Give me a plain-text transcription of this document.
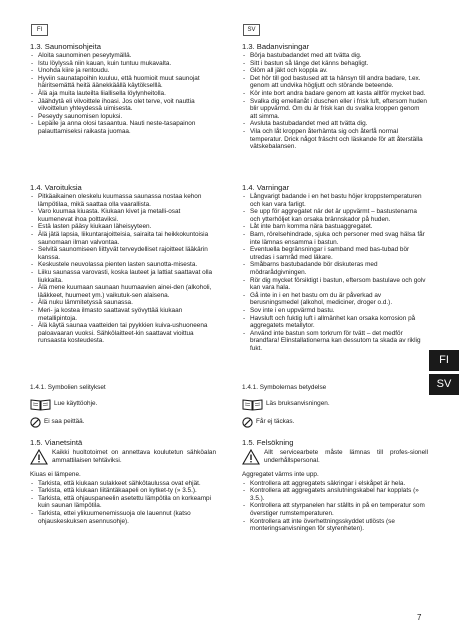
FI	SV
1.3. Saunomisohjeita
- Aloita saunominen peseytymällä.
- Istu löylyssä niin kauan, kuin tuntuu mukavalta.
- Unohda kiire ja rentoudu.
- Hyviin saunatapoihin kuuluu, että huomioit muut saunojat häiritsemättä heitä äänekkäällä käytökselllä.
- Älä aja muita lauteilta liiallisella löylynheitolla.
- Jäähdytä eli vilvoittele ihoasi. Jos olet terve, voit nauttia vilvoittelun yhteydessä uimisesta.
- Peseydy saunomisen lopuksi.
- Lepäile ja anna olosi tasaantua. Nauti neste-tasapainon palauttamiseksi raikasta juomaa.
1.4. Varoituksia
- Pitkäaikainen oleskelu kuumassa saunassa nostaa kehon lämpötilaa, mikä saattaa olla vaarallista.
- Varo kuumaa kiuasta. Kiukaan kivet ja metalli-osat kuumenevat ihoa polttaviksi.
- Estä lasten pääsy kiukaan läheisyyteen.
- Älä jätä lapsia, liikuntarajoitteisia, sairaita tai heikkokuntoisia saunomaan ilman valvontaa.
- Selvitä saunomiseen liittyvät terveydelliset rajoitteet lääkärin kanssa.
- Keskustele neuvolassa pienten lasten saunotta-misesta.
- Liiku saunassa varovasti, koska lauteet ja lattiat saattavat olla liukkaita.
- Älä mene kuumaan saunaan huumaavien ainei-den (alkoholi, lääkkeet, huumeet ym.) vaikutuk-sen alaisena.
- Älä nuku lämmitetyssä saunassa.
- Meri- ja kostea ilmasto saattavat syövyttää kiukaan metallipintoja.
- Älä käytä saunaa vaatteiden tai pyykkien kuiva-ushuoneena paloavaaran vuoksi. Sähkölaitteet-kin saattavat vioittua runsaasta kosteudesta.

1.4.1. Symbolien selitykset

Lue käyttöohje.
Ei saa peittää.
1.5. Vianetsintä

Kaikki huoltotoimet on annettava koulutetun sähköalan ammattilaisen tehtäviksi.

Kiuas ei lämpene.

- Tarkista, että kiukaan sulakkeet sähkötaulussa ovat ehjät.
- Tarkista, että kiukaan liitäntäkaapeli on kytket-ty (» 3.5.).
- Tarkista, että ohjauspaneelin asetettu lämpötila on korkeampi kuin saunan lämpötila.
- Tarkista, ettei ylikuumenemissuoja ole lauennut (katso ohjauskeskuksen asennusohje).
1.3. Badanvisningar
- Börja bastubadandet med att tvätta dig.
- Sitt i bastun så länge det känns behagligt.
- Glöm all jäkt och koppla av.
- Det hör till god bastused att ta hänsyn till andra badare, t.ex. genom att undvika högljutt och störande beteende.
- Kör inte bort andra badare genom att kasta alltför mycket bad.
- Svalka dig emellanåt i duschen eller i frisk luft, eftersom huden blir uppvärmd. Om du är frisk kan du svalka kroppen genom att simma.
- Avsluta bastubadandet med att tvätta dig.
- Vila och låt kroppen återhämta sig och återfå normal temperatur. Drick något fräscht och läskande för att återställa vätskebalansen.
1.4. Varningar
- Långvarigt badande i en het bastu höjer kroppstemperaturen och kan vara farligt.
- Se upp för aggregatet när det är uppvärmt – bastustenarna och ytterhöljet kan orsaka brännskador på huden.
- Låt inte barn komma nära bastuaggregatet.
- Barn, rörelsehindrade, sjuka och personer med svag hälsa får inte lämnas ensamma i bastun.
- Eventuella begränsningar i samband med bas-tubad bör utredas i samråd med läkare.
- Småbarns bastubadande bör diskuteras med mödrarådgivningen.
- Rör dig mycket försiktigt i bastun, eftersom bastulave och golv kan vara hala.
- Gå inte in i en het bastu om du är påverkad av berusningsmedel (alkohol, mediciner, droger o.d.).
- Sov inte i en uppvärmd bastu.
- Havsluft och fuktig luft i allmänhet kan orsaka korrosion på aggregatets metallytor.
- Använd inte bastun som torkrum för tvätt – det medför brandfara! Elinstallationerna kan dessutom ta skada av riklig fukt.

1.4.1. Symbolernas betydelse

Läs bruksanvisningen.
Får ej täckas.
1.5. Felsökning

Allt servicearbete måste lämnas till profes-sionell underhållspersonal.

Aggregatet värms inte upp.

- Kontrollera att aggregatets säkringar i elskåpet är hela.
- Kontrollera att aggregatets anslutningskabel har kopplats (» 3.5.).
- Kontrollera att styrpanelen har ställts in på en temperatur som överstiger rumstemperaturen.
- Kontrollera att inte överhettningsskyddet utlösts (se monteringsanvisningen för styrenheten).
FI
SV
7
